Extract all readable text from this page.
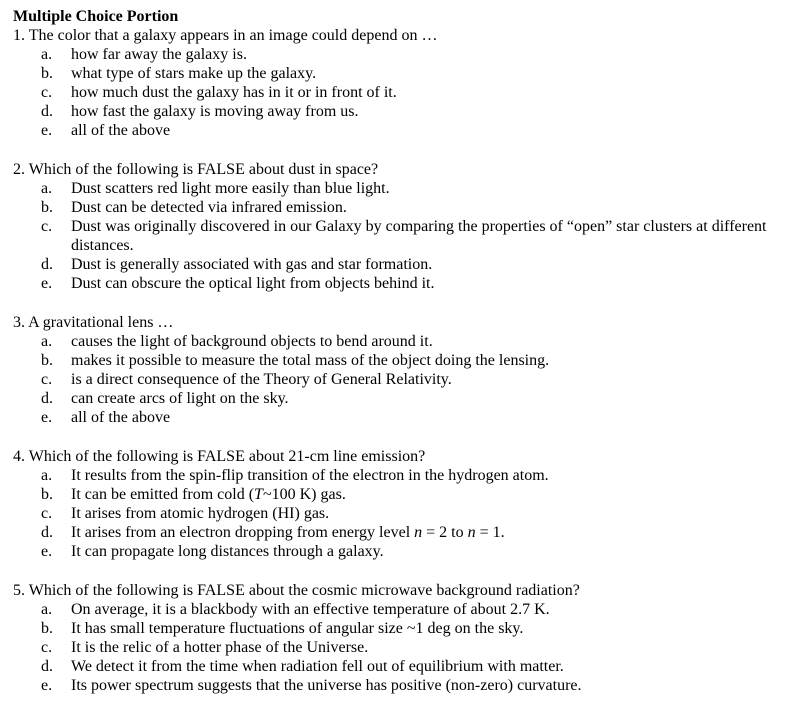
Multiple Choice Portion
1. The color that a galaxy appears in an image could depend on …
a. how far away the galaxy is.
b. what type of stars make up the galaxy.
c. how much dust the galaxy has in it or in front of it.
d. how fast the galaxy is moving away from us.
e. all of the above
2. Which of the following is FALSE about dust in space?
a. Dust scatters red light more easily than blue light.
b. Dust can be detected via infrared emission.
c. Dust was originally discovered in our Galaxy by comparing the properties of “open” star clusters at different distances.
d. Dust is generally associated with gas and star formation.
e. Dust can obscure the optical light from objects behind it.
3. A gravitational lens …
a. causes the light of background objects to bend around it.
b. makes it possible to measure the total mass of the object doing the lensing.
c. is a direct consequence of the Theory of General Relativity.
d. can create arcs of light on the sky.
e. all of the above
4. Which of the following is FALSE about 21-cm line emission?
a. It results from the spin-flip transition of the electron in the hydrogen atom.
b. It can be emitted from cold (T~100 K) gas.
c. It arises from atomic hydrogen (HI) gas.
d. It arises from an electron dropping from energy level n = 2 to n = 1.
e. It can propagate long distances through a galaxy.
5. Which of the following is FALSE about the cosmic microwave background radiation?
a. On average, it is a blackbody with an effective temperature of about 2.7 K.
b. It has small temperature fluctuations of angular size ~1 deg on the sky.
c. It is the relic of a hotter phase of the Universe.
d. We detect it from the time when radiation fell out of equilibrium with matter.
e. Its power spectrum suggests that the universe has positive (non-zero) curvature.
